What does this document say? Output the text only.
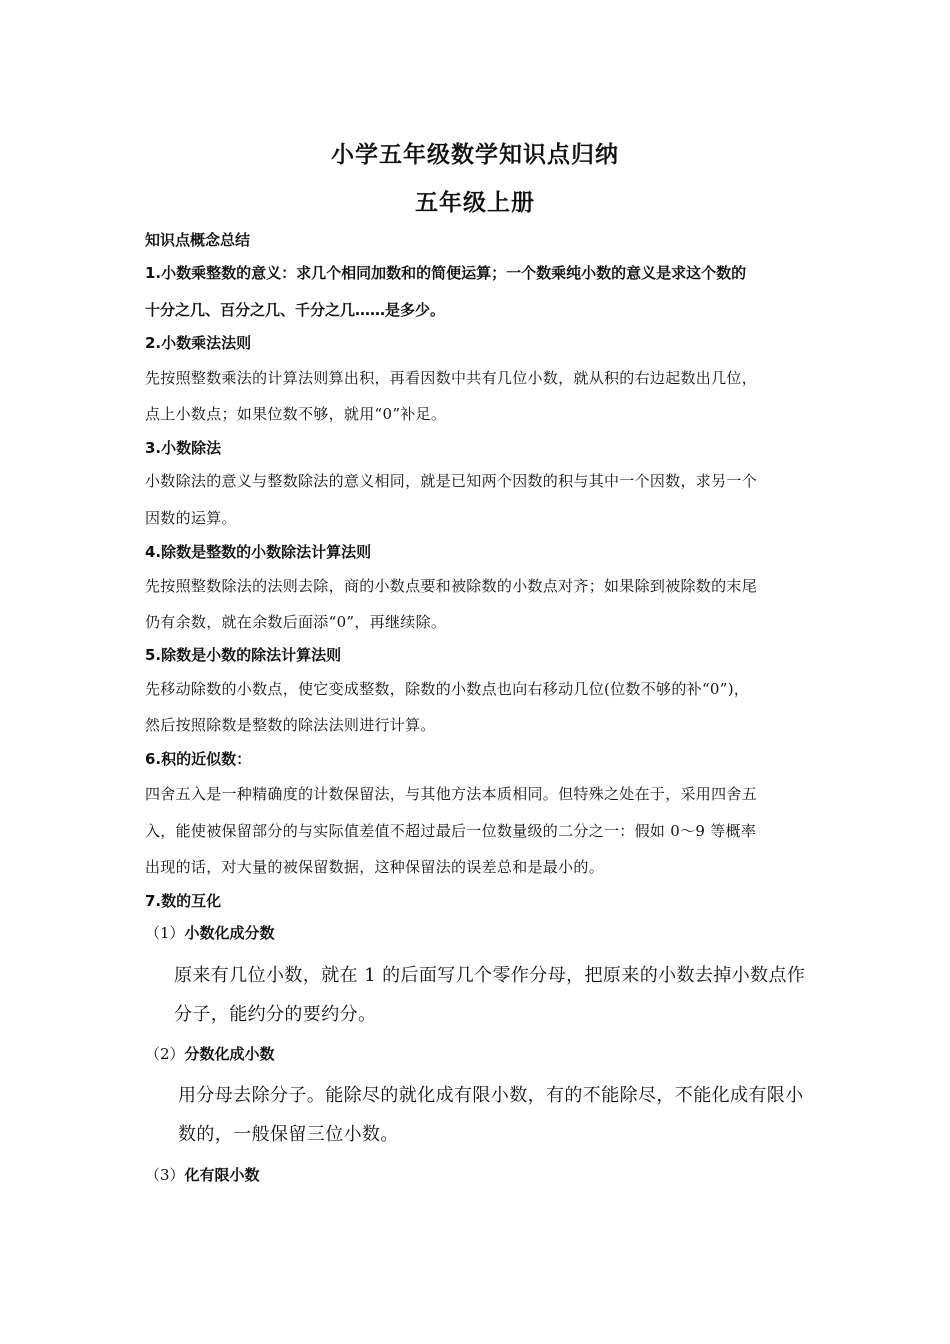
小学五年级数学知识点归纳
五年级上册
知识点概念总结
1.小数乘整数的意义：求几个相同加数和的简便运算；一个数乘纯小数的意义是求这个数的
十分之几、百分之几、千分之几……是多少。
2.小数乘法法则
先按照整数乘法的计算法则算出积，再看因数中共有几位小数，就从积的右边起数出几位，
点上小数点；如果位数不够，就用“0”补足。
3.小数除法
小数除法的意义与整数除法的意义相同，就是已知两个因数的积与其中一个因数，求另一个
因数的运算。
4.除数是整数的小数除法计算法则
先按照整数除法的法则去除，商的小数点要和被除数的小数点对齐；如果除到被除数的末尾
仍有余数，就在余数后面添“0”，再继续除。
5.除数是小数的除法计算法则
先移动除数的小数点，使它变成整数，除数的小数点也向右移动几位(位数不够的补“0”)，
然后按照除数是整数的除法法则进行计算。
6.积的近似数：
四舍五入是一种精确度的计数保留法，与其他方法本质相同。但特殊之处在于，采用四舍五
入，能使被保留部分的与实际值差值不超过最后一位数量级的二分之一：假如 0～9 等概率
出现的话，对大量的被保留数据，这种保留法的误差总和是最小的。
7.数的互化
（1）小数化成分数
原来有几位小数，就在 1 的后面写几个零作分母，把原来的小数去掉小数点作
分子，能约分的要约分。
（2）分数化成小数
用分母去除分子。能除尽的就化成有限小数，有的不能除尽，不能化成有限小
数的，一般保留三位小数。
（3）化有限小数
